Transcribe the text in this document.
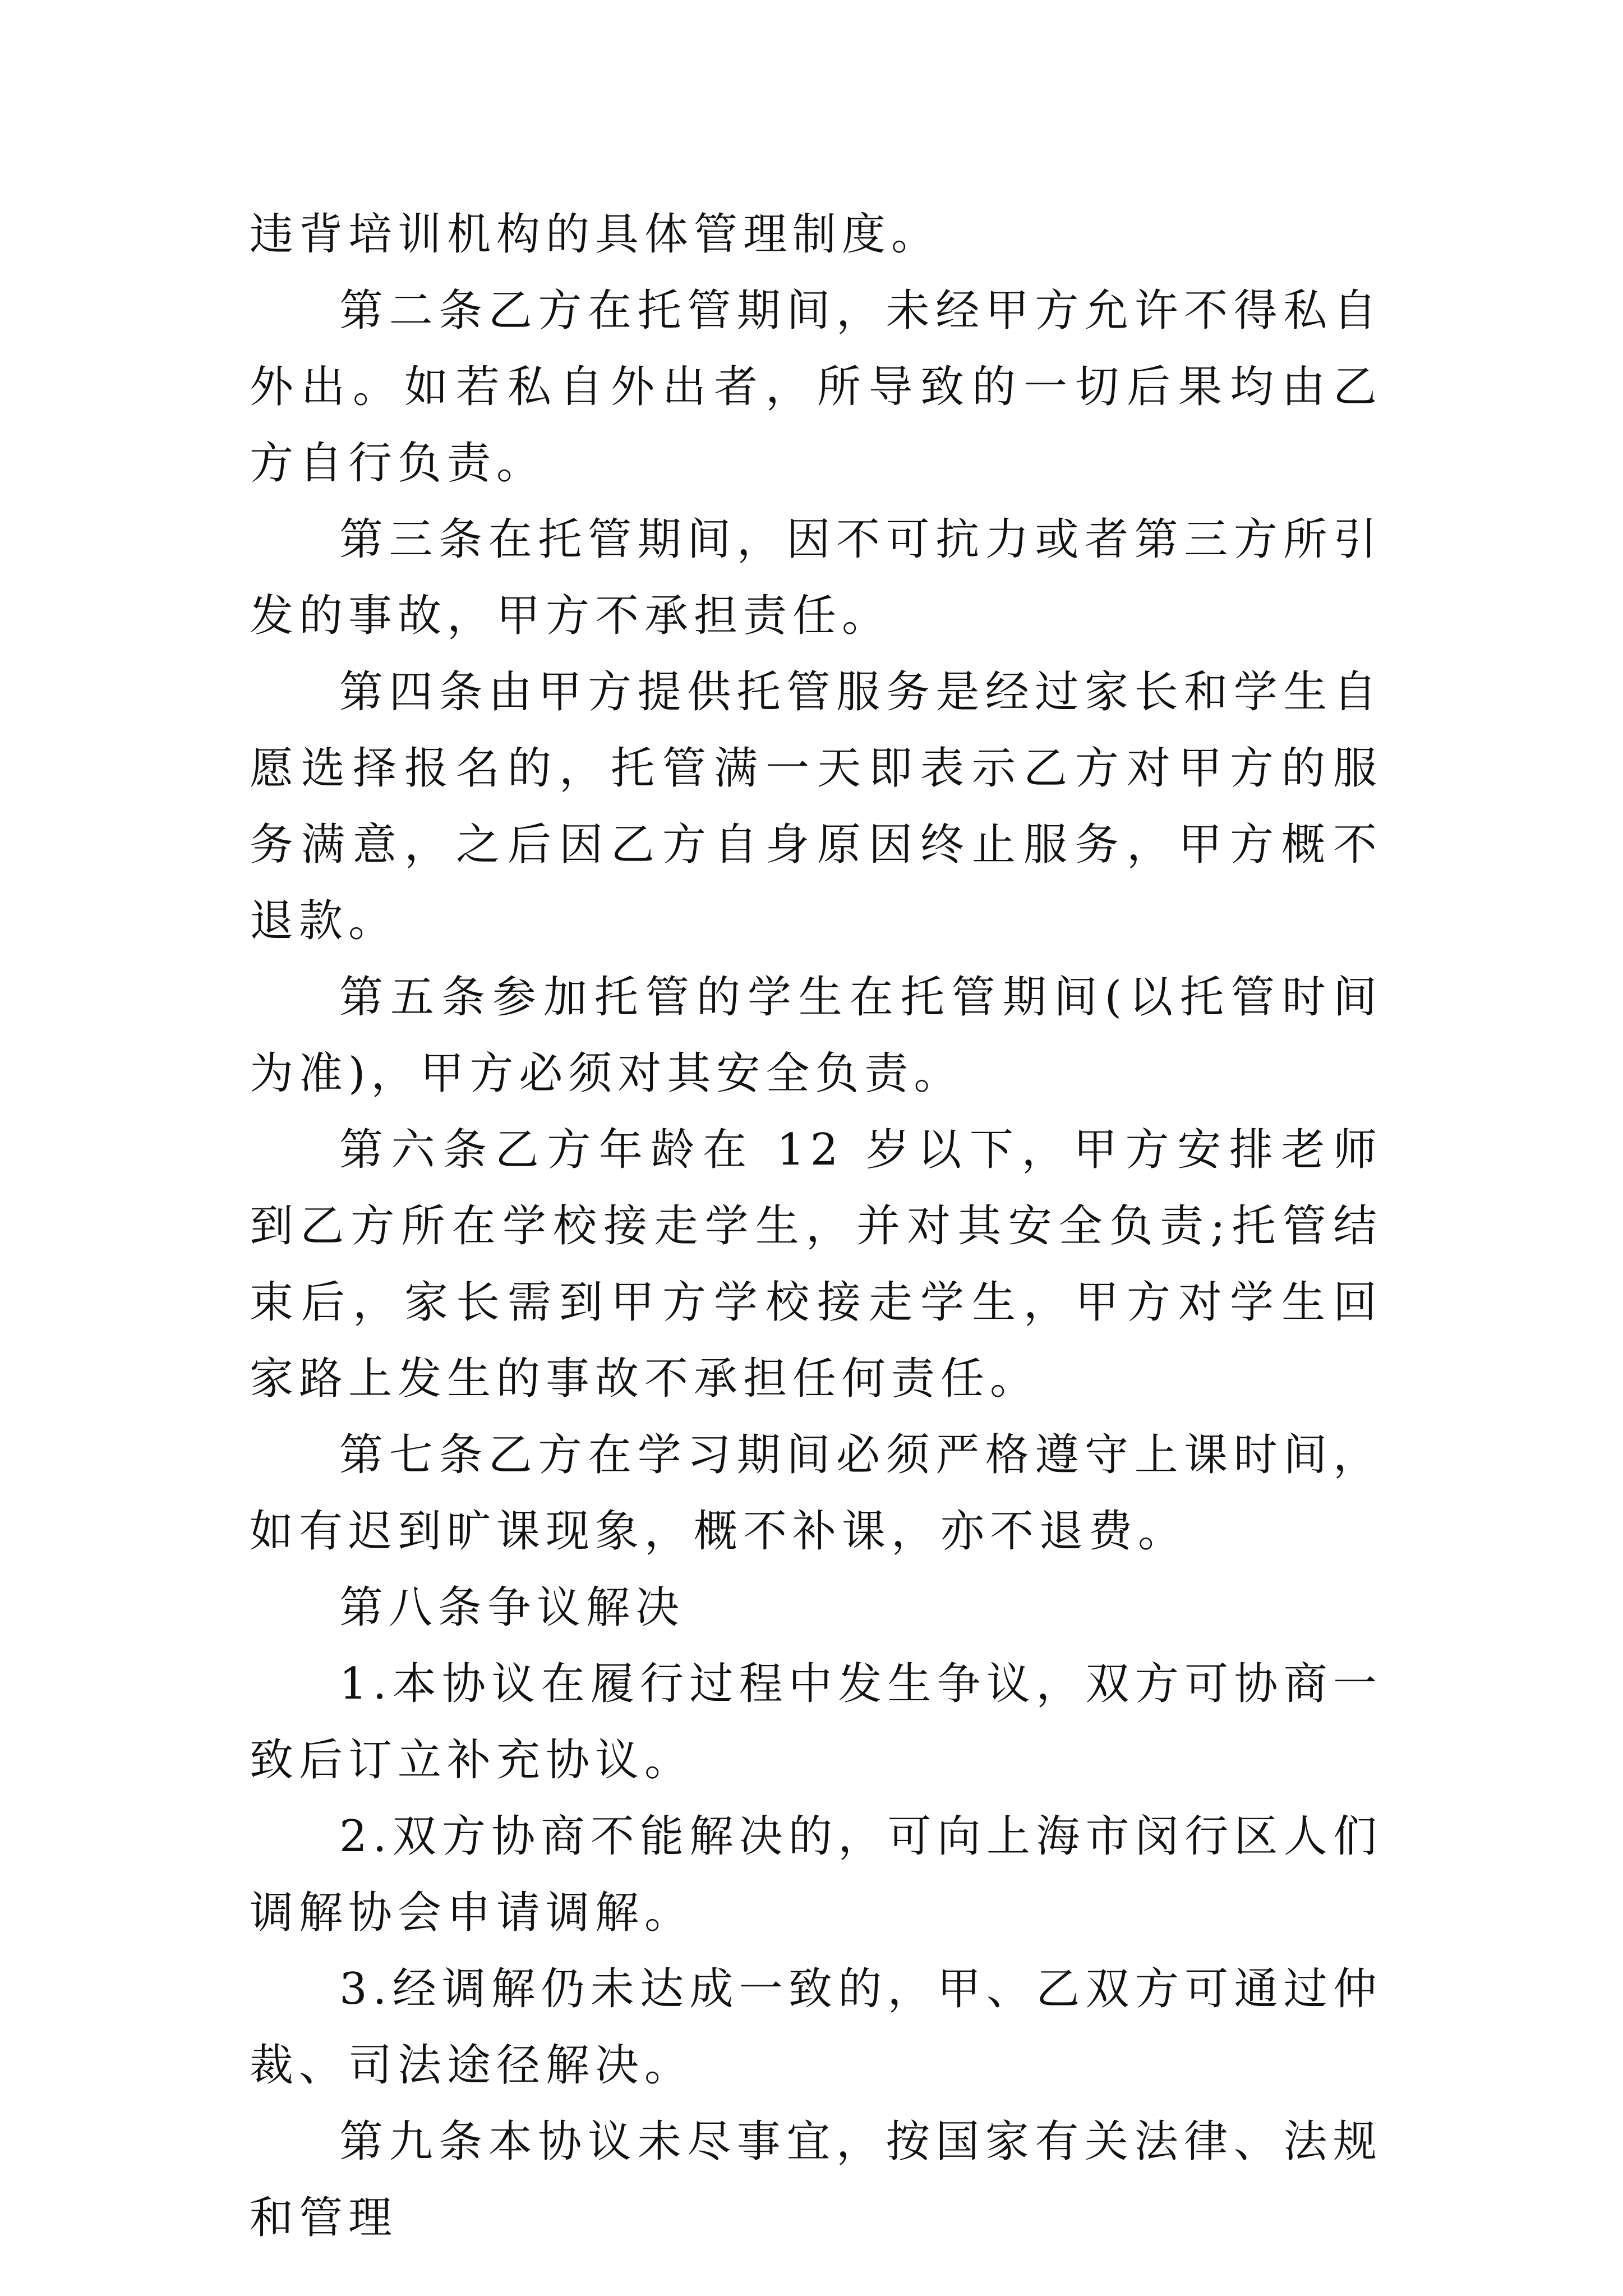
违背培训机构的具体管理制度。

第二条乙方在托管期间，未经甲方允许不得私自外出。如若私自外出者，所导致的一切后果均由乙方自行负责。

第三条在托管期间，因不可抗力或者第三方所引发的事故，甲方不承担责任。

第四条由甲方提供托管服务是经过家长和学生自愿选择报名的，托管满一天即表示乙方对甲方的服务满意，之后因乙方自身原因终止服务，甲方概不退款。

第五条参加托管的学生在托管期间(以托管时间为准)，甲方必须对其安全负责。

第六条乙方年龄在 12 岁以下，甲方安排老师到乙方所在学校接走学生，并对其安全负责;托管结束后，家长需到甲方学校接走学生，甲方对学生回家路上发生的事故不承担任何责任。

第七条乙方在学习期间必须严格遵守上课时间，如有迟到旷课现象，概不补课，亦不退费。

第八条争议解决

1.本协议在履行过程中发生争议，双方可协商一致后订立补充协议。

2.双方协商不能解决的，可向上海市闵行区人们调解协会申请调解。

3.经调解仍未达成一致的，甲、乙双方可通过仲裁、司法途径解决。

第九条本协议未尽事宜，按国家有关法律、法规和管理
